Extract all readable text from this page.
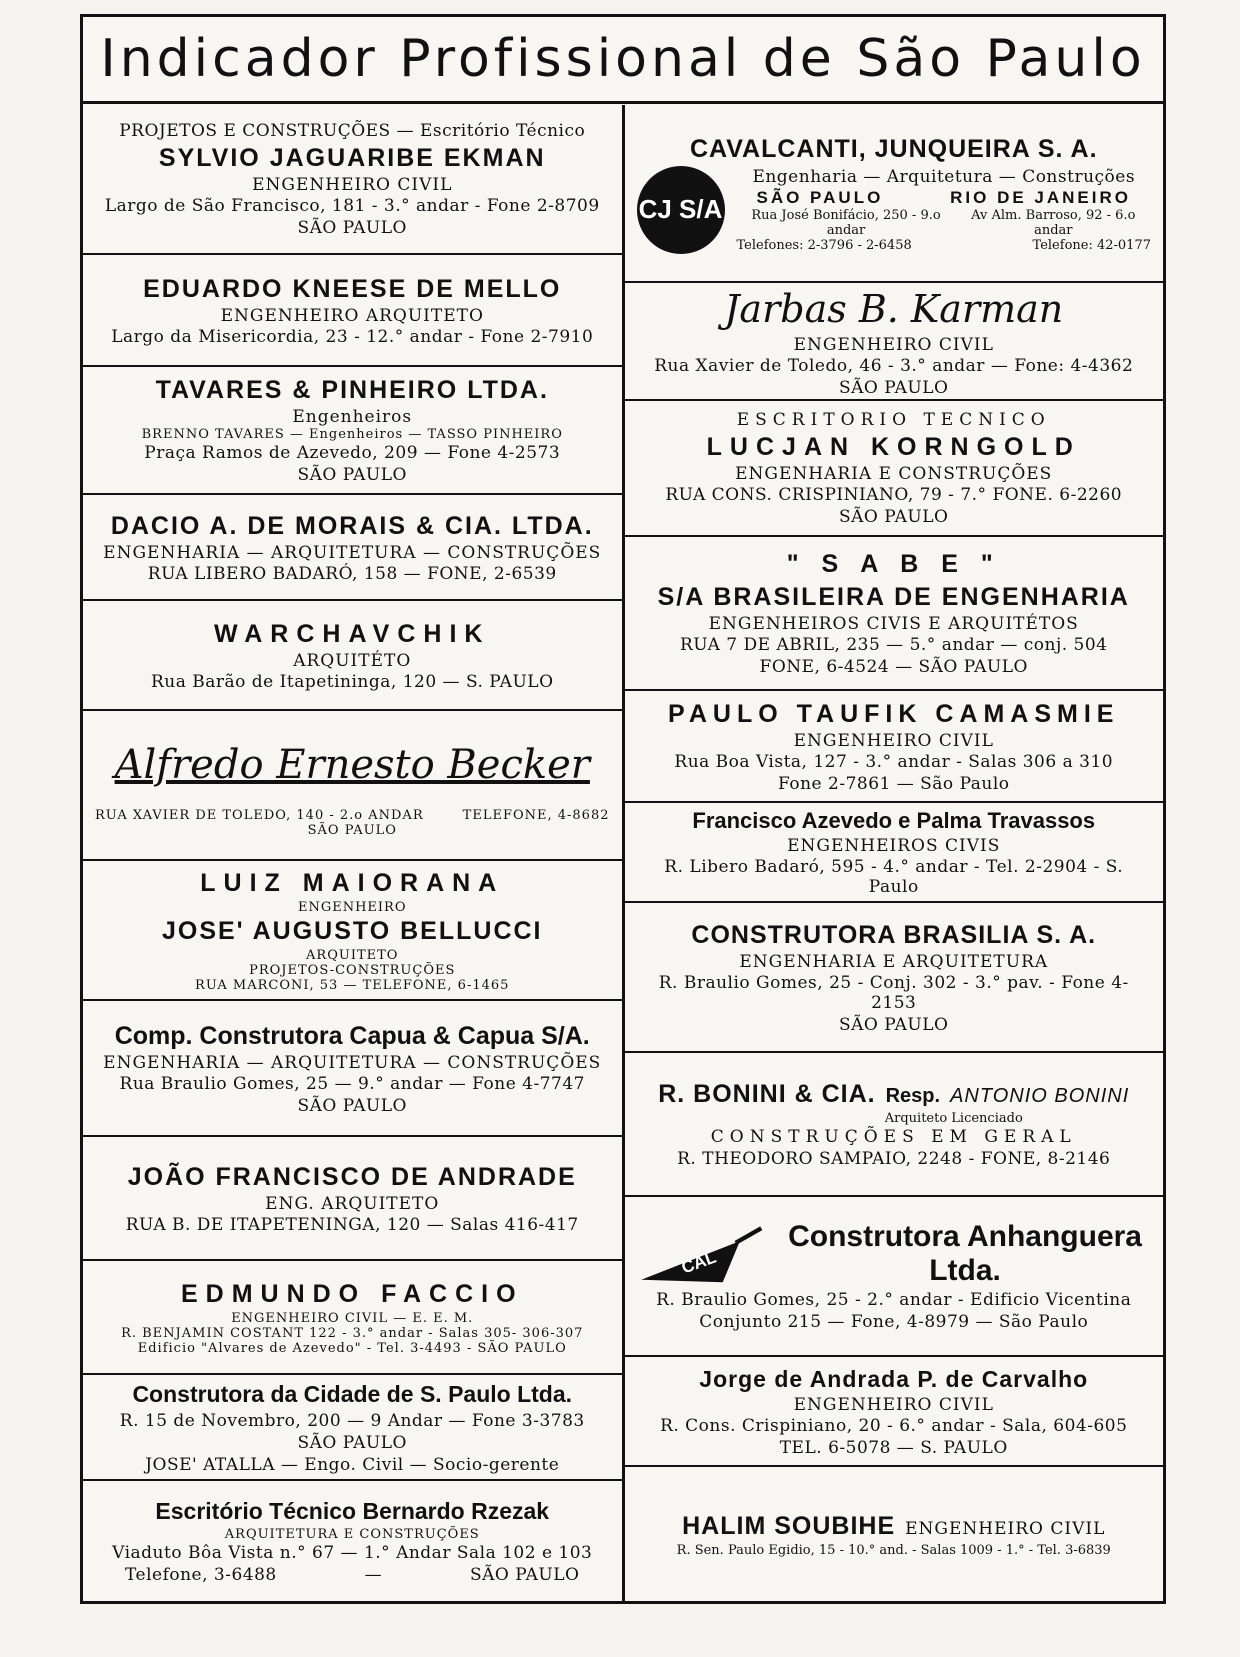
Indicador Profissional de São Paulo
PROJETOS E CONSTRUÇÕES — Escritório Técnico
SYLVIO JAGUARIBE EKMAN
ENGENHEIRO CIVIL
Largo de São Francisco, 181 - 3.° andar - Fone 2-8709
SÃO PAULO
EDUARDO KNEESE DE MELLO
ENGENHEIRO ARQUITETO
Largo da Misericordia, 23 - 12.° andar - Fone 2-7910
TAVARES & PINHEIRO LTDA.
Engenheiros
BRENNO TAVARES — Engenheiros — TASSO PINHEIRO
Praça Ramos de Azevedo, 209 — Fone 4-2573
SÃO PAULO
DACIO A. DE MORAIS & CIA. LTDA.
ENGENHARIA — ARQUITETURA — CONSTRUÇÕES
RUA LIBERO BADARÓ, 158 — FONE, 2-6539
WARCHAVCHIK
ARQUITÉTO
Rua Barão de Itapetininga, 120 — S. PAULO
Alfredo Ernesto Becker
RUA XAVIER DE TOLEDO, 140 - 2.o ANDAR	TELEFONE, 4-8682
SÃO PAULO
LUIZ MAIORANA
ENGENHEIRO
JOSE' AUGUSTO BELLUCCI
ARQUITETO
PROJETOS-CONSTRUÇÕES
RUA MARCONI, 53 — TELEFONE, 6-1465
Comp. Construtora Capua & Capua S/A.
ENGENHARIA — ARQUITETURA — CONSTRUÇÕES
Rua Braulio Gomes, 25 — 9.° andar — Fone 4-7747
SÃO PAULO
JOÃO FRANCISCO DE ANDRADE
ENG. ARQUITETO
RUA B. DE ITAPETENINGA, 120 — Salas 416-417
EDMUNDO FACCIO
ENGENHEIRO CIVIL — E. E. M.
R. BENJAMIN COSTANT 122 - 3.° andar - Salas 305- 306-307
Edificio "Alvares de Azevedo" - Tel. 3-4493 - SÃO PAULO
Construtora da Cidade de S. Paulo Ltda.
R. 15 de Novembro, 200 — 9 Andar — Fone 3-3783
SÃO PAULO
JOSE' ATALLA — Engo. Civil — Socio-gerente
Escritório Técnico Bernardo Rzezak
ARQUITETURA E CONSTRUÇÕES
Viaduto Bôa Vista n.° 67 — 1.° Andar Sala 102 e 103
Telefone, 3-6488	—	SÃO PAULO
CAVALCANTI, JUNQUEIRA S. A.
CJ S/A
Engenharia — Arquitetura — Construções
SÃO PAULO	RIO DE JANEIRO
Rua José Bonifácio, 250 - 9.o andar
Av Alm. Barroso, 92 - 6.o andar
Telefones: 2-3796 - 2-6458	Telefone: 42-0177
Jarbas B. Karman
ENGENHEIRO CIVIL
Rua Xavier de Toledo, 46 - 3.° andar — Fone: 4-4362
SÃO PAULO
ESCRITORIO TECNICO
LUCJAN KORNGOLD
ENGENHARIA E CONSTRUÇÕES
RUA CONS. CRISPINIANO, 79 - 7.° FONE. 6-2260
SÃO PAULO
" S A B E "
S/A BRASILEIRA DE ENGENHARIA
ENGENHEIROS CIVIS E ARQUITÉTOS
RUA 7 DE ABRIL, 235 — 5.° andar — conj. 504
FONE, 6-4524 — SÃO PAULO
PAULO TAUFIK CAMASMIE
ENGENHEIRO CIVIL
Rua Boa Vista, 127 - 3.° andar - Salas 306 a 310
Fone 2-7861 — São Paulo
Francisco Azevedo e Palma Travassos
ENGENHEIROS CIVIS
R. Libero Badaró, 595 - 4.° andar - Tel. 2-2904 - S. Paulo
CONSTRUTORA BRASILIA S. A.
ENGENHARIA E ARQUITETURA
R. Braulio Gomes, 25 - Conj. 302 - 3.° pav. - Fone 4-2153
SÃO PAULO
R. BONINI & CIA. Resp. ANTONIO BONINI
Arquiteto Licenciado
CONSTRUÇÕES EM GERAL
R. THEODORO SAMPAIO, 2248 - FONE, 8-2146
CAL
Construtora Anhanguera Ltda.
R. Braulio Gomes, 25 - 2.° andar - Edificio Vicentina
Conjunto 215 — Fone, 4-8979 — São Paulo
Jorge de Andrada P. de Carvalho
ENGENHEIRO CIVIL
R. Cons. Crispiniano, 20 - 6.° andar - Sala, 604-605
TEL. 6-5078 — S. PAULO
HALIM SOUBIHE ENGENHEIRO CIVIL
R. Sen. Paulo Egidio, 15 - 10.° and. - Salas 1009 - 1.° - Tel. 3-6839
